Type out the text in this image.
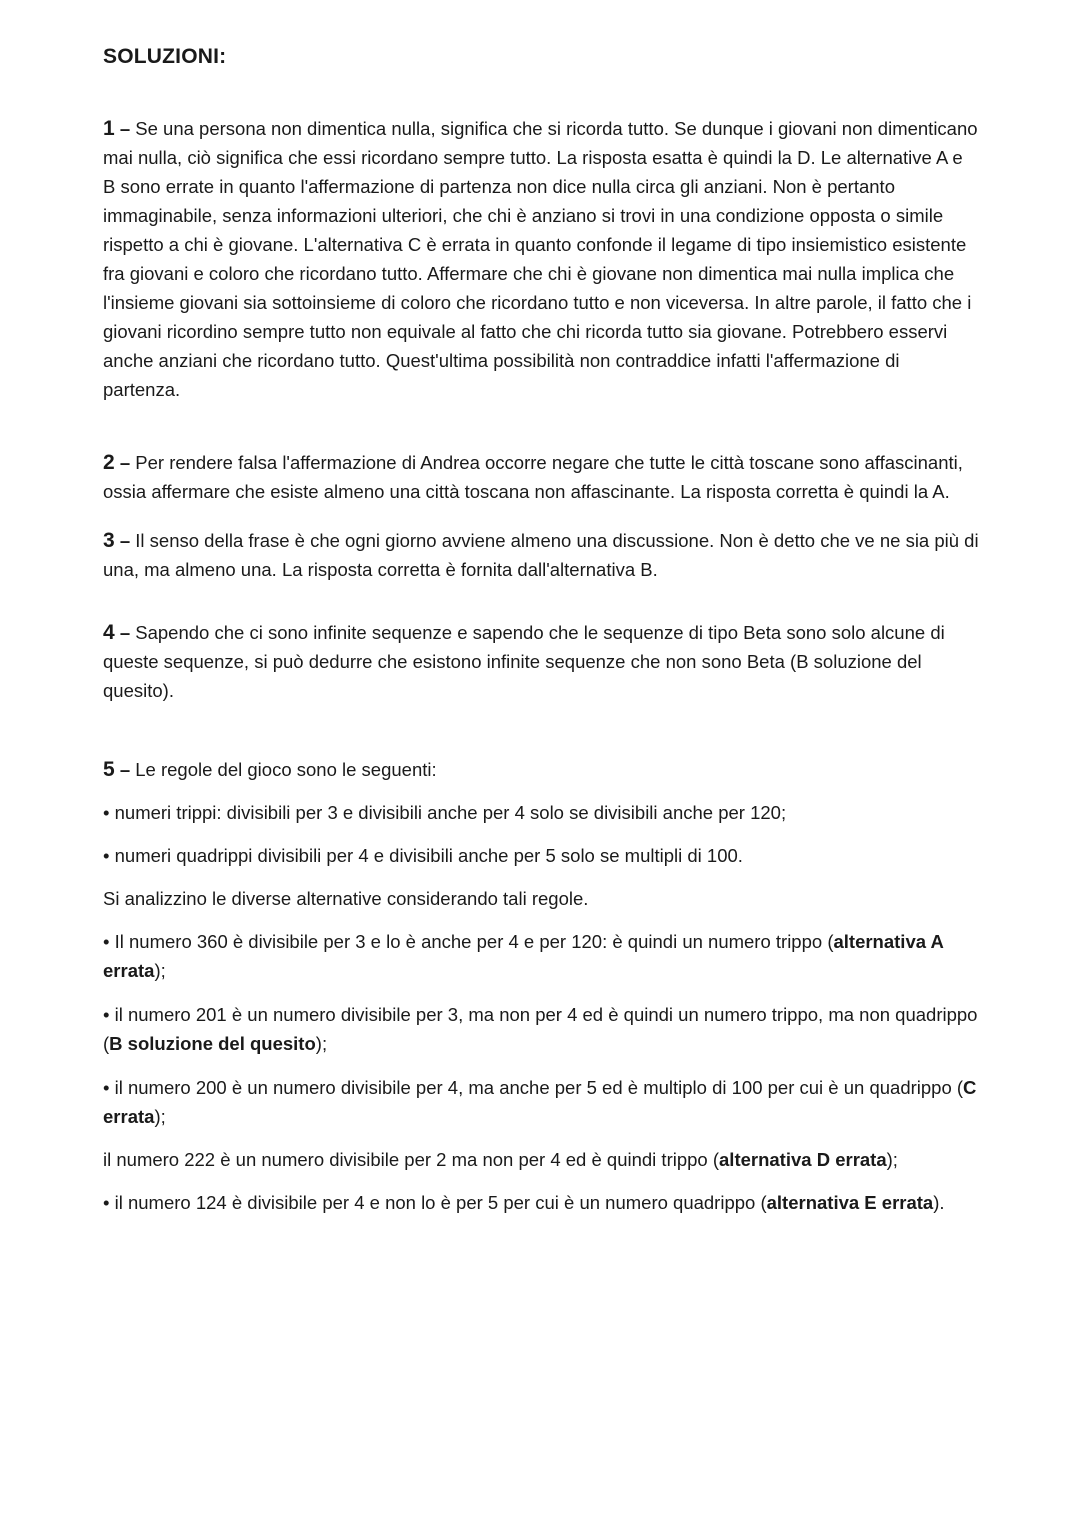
SOLUZIONI:

1 – Se una persona non dimentica nulla, significa che si ricorda tutto. Se dunque i giovani non dimenticano mai nulla, ciò significa che essi ricordano sempre tutto. La risposta esatta è quindi la D. Le alternative A e B sono errate in quanto l'affermazione di partenza non dice nulla circa gli anziani. Non è pertanto immaginabile, senza informazioni ulteriori, che chi è anziano si trovi in una condizione opposta o simile rispetto a chi è giovane. L'alternativa C è errata in quanto confonde il legame di tipo insiemistico esistente fra giovani e coloro che ricordano tutto. Affermare che chi è giovane non dimentica mai nulla implica che l'insieme giovani sia sottoinsieme di coloro che ricordano tutto e non viceversa. In altre parole, il fatto che i giovani ricordino sempre tutto non equivale al fatto che chi ricorda tutto sia giovane. Potrebbero esservi anche anziani che ricordano tutto. Quest'ultima possibilità non contraddice infatti l'affermazione di partenza.

2 – Per rendere falsa l'affermazione di Andrea occorre negare che tutte le città toscane sono affascinanti, ossia affermare che esiste almeno una città toscana non affascinante. La risposta corretta è quindi la A.

3 – Il senso della frase è che ogni giorno avviene almeno una discussione. Non è detto che ve ne sia più di una, ma almeno una. La risposta corretta è fornita dall'alternativa B.

4 – Sapendo che ci sono infinite sequenze e sapendo che le sequenze di tipo Beta sono solo alcune di queste sequenze, si può dedurre che esistono infinite sequenze che non sono Beta (B soluzione del quesito).

5 – Le regole del gioco sono le seguenti:

• numeri trippi: divisibili per 3 e divisibili anche per 4 solo se divisibili anche per 120;

• numeri quadrippi divisibili per 4 e divisibili anche per 5 solo se multipli di 100.

Si analizzino le diverse alternative considerando tali regole.

• Il numero 360 è divisibile per 3 e lo è anche per 4 e per 120: è quindi un numero trippo (alternativa A errata);

• il numero 201 è un numero divisibile per 3, ma non per 4 ed è quindi un numero trippo, ma non quadrippo (B soluzione del quesito);

• il numero 200 è un numero divisibile per 4, ma anche per 5 ed è multiplo di 100 per cui è un quadrippo (C errata);

il numero 222 è un numero divisibile per 2 ma non per 4 ed è quindi trippo (alternativa D errata);

• il numero 124 è divisibile per 4 e non lo è per 5 per cui è un numero quadrippo (alternativa E errata).
